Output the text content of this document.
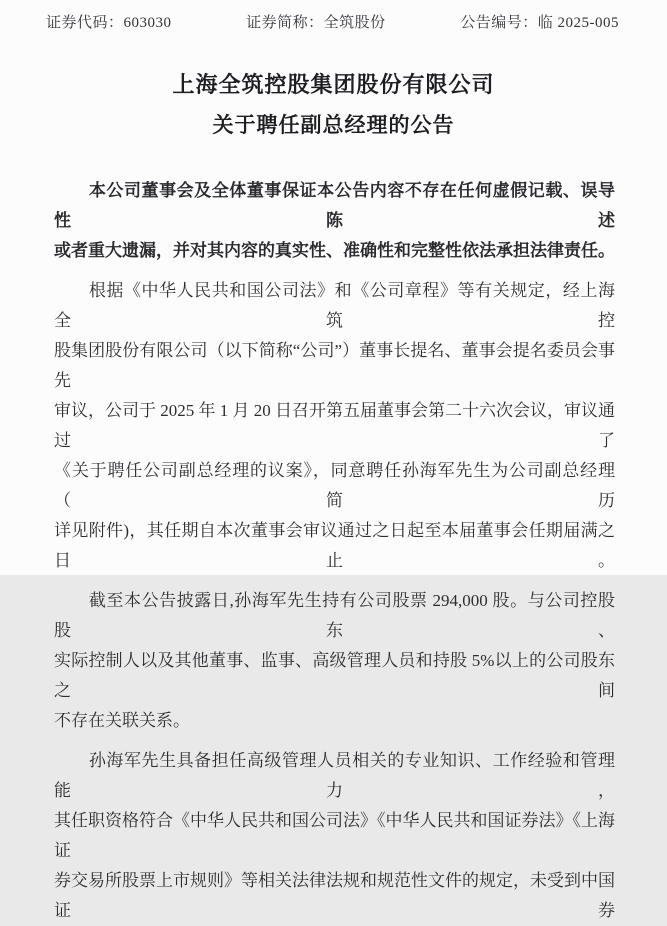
证券代码：603030	证券简称：全筑股份	公告编号：临 2025-005
上海全筑控股集团股份有限公司
关于聘任副总经理的公告
本公司董事会及全体董事保证本公告内容不存在任何虚假记载、误导性陈述
或者重大遗漏，并对其内容的真实性、准确性和完整性依法承担法律责任。
根据《中华人民共和国公司法》和《公司章程》等有关规定，经上海全筑控
股集团股份有限公司（以下简称“公司”）董事长提名、董事会提名委员会事先
审议，公司于 2025 年 1 月 20 日召开第五届董事会第二十六次会议，审议通过了
《关于聘任公司副总经理的议案》，同意聘任孙海军先生为公司副总经理（简历
详见附件)，其任期自本次董事会审议通过之日起至本届董事会任期届满之日止。
截至本公告披露日,孙海军先生持有公司股票 294,000 股。与公司控股股东、
实际控制人以及其他董事、监事、高级管理人员和持股 5%以上的公司股东之间
不存在关联关系。
孙海军先生具备担任高级管理人员相关的专业知识、工作经验和管理能力，
其任职资格符合《中华人民共和国公司法》《中华人民共和国证券法》《上海证
券交易所股票上市规则》等相关法律法规和规范性文件的规定，未受到中国证券
